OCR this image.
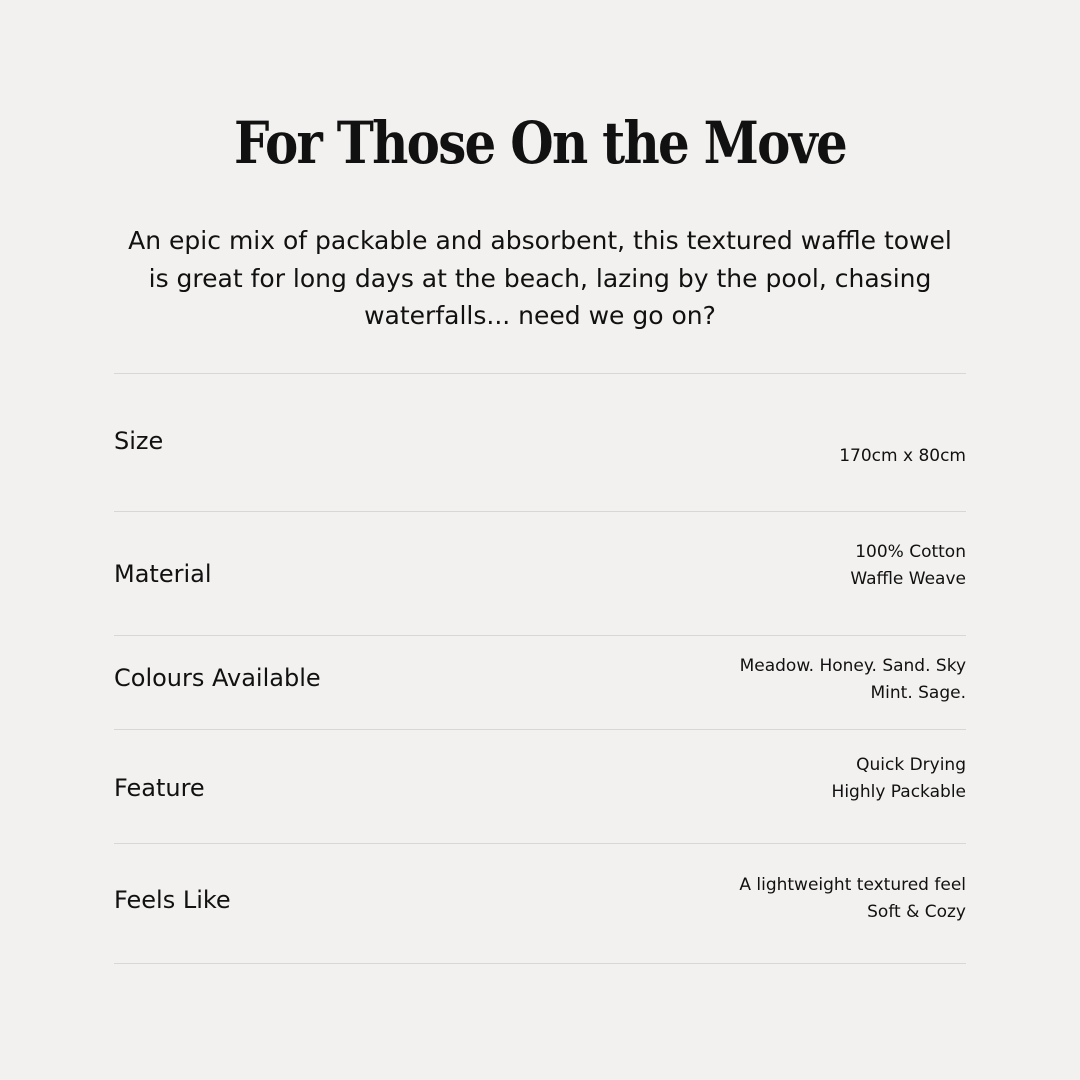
For Those On the Move

An epic mix of packable and absorbent, this textured waffle towel is great for long days at the beach, lazing by the pool, chasing waterfalls... need we go on?

Size
170cm x 80cm
Material
100% Cotton
Waffle Weave
Colours Available	Meadow. Honey. Sand. Sky
Mint. Sage.
Feature
Quick Drying
Highly Packable
Feels Like
A lightweight textured feel
Soft & Cozy
